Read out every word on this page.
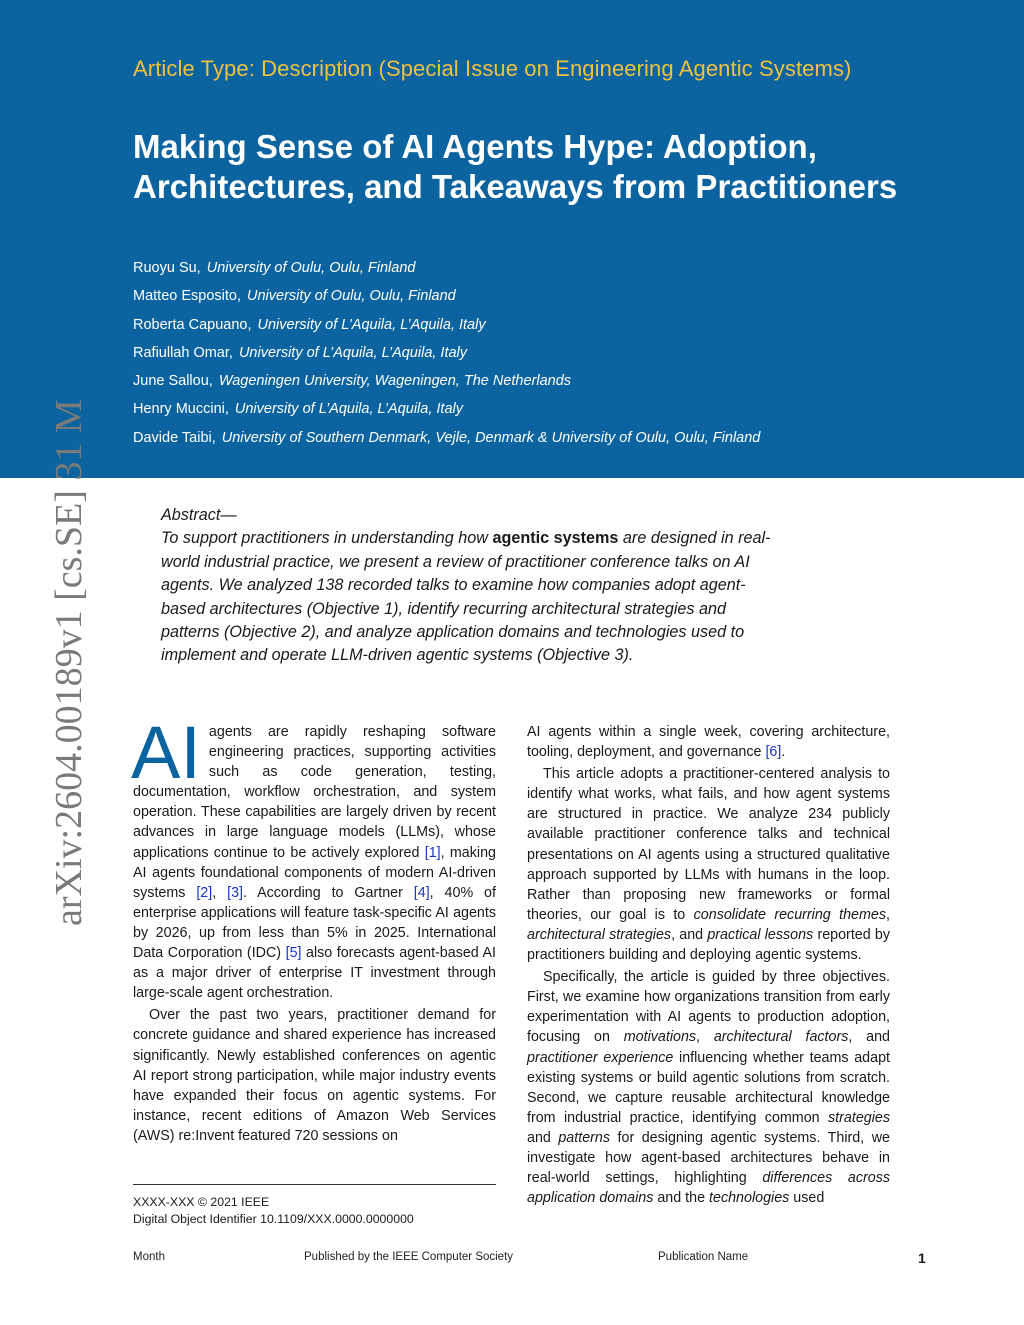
Article Type: Description (Special Issue on Engineering Agentic Systems)
Making Sense of AI Agents Hype: Adoption, Architectures, and Takeaways from Practitioners
Ruoyu Su, University of Oulu, Oulu, Finland
Matteo Esposito, University of Oulu, Oulu, Finland
Roberta Capuano, University of L’Aquila, L’Aquila, Italy
Rafiullah Omar, University of L’Aquila, L’Aquila, Italy
June Sallou, Wageningen University, Wageningen, The Netherlands
Henry Muccini, University of L’Aquila, L’Aquila, Italy
Davide Taibi, University of Southern Denmark, Vejle, Denmark & University of Oulu, Oulu, Finland
arXiv:2604.00189v1 [cs.SE] 31 M	Abstract—

To support practitioners in understanding how agentic systems are designed in real-world industrial practice, we present a review of practitioner conference talks on AI agents. We analyzed 138 recorded talks to examine how companies adopt agent-based architectures (Objective 1), identify recurring architectural strategies and patterns (Objective 2), and analyze application domains and technologies used to implement and operate LLM-driven agentic systems (Objective 3).

AI agents are rapidly reshaping software engineering practices, supporting activities such as code generation, testing, documentation, workflow orchestration, and system operation. These capabilities are largely driven by recent advances in large language models (LLMs), whose applications continue to be actively explored [1], making AI agents foundational components of modern AI-driven systems [2], [3]. According to Gartner [4], 40% of enterprise applications will feature task-specific AI agents by 2026, up from less than 5% in 2025. International Data Corporation (IDC) [5] also forecasts agent-based AI as a major driver of enterprise IT investment through large-scale agent orchestration.

Over the past two years, practitioner demand for concrete guidance and shared experience has increased significantly. Newly established conferences on agentic AI report strong participation, while major industry events have expanded their focus on agentic systems. For instance, recent editions of Amazon Web Services (AWS) re:Invent featured 720 sessions on

AI agents within a single week, covering architecture, tooling, deployment, and governance [6].

This article adopts a practitioner-centered analysis to identify what works, what fails, and how agent systems are structured in practice. We analyze 234 publicly available practitioner conference talks and technical presentations on AI agents using a structured qualitative approach supported by LLMs with humans in the loop. Rather than proposing new frameworks or formal theories, our goal is to consolidate recurring themes, architectural strategies, and practical lessons reported by practitioners building and deploying agentic systems.

Specifically, the article is guided by three objectives. First, we examine how organizations transition from early experimentation with AI agents to production adoption, focusing on motivations, architectural factors, and practitioner experience influencing whether teams adapt existing systems or build agentic solutions from scratch. Second, we capture reusable architectural knowledge from industrial practice, identifying common strategies and patterns for designing agentic systems. Third, we investigate how agent-based architectures behave in real-world settings, highlighting differences across application domains and the technologies used

XXXX-XXX © 2021 IEEE
Digital Object Identifier 10.1109/XXX.0000.0000000
Month	Published by the IEEE Computer Society	Publication Name	1
